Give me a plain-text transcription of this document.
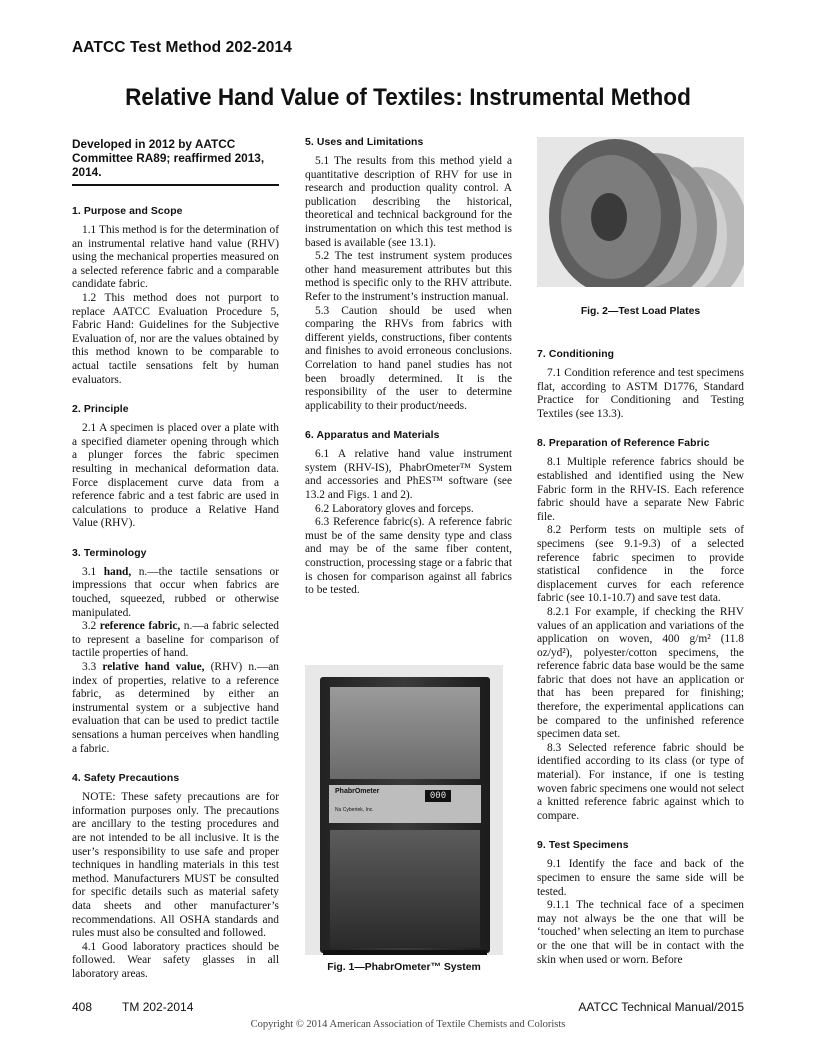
AATCC Test Method 202-2014
Relative Hand Value of Textiles: Instrumental Method
Developed in 2012 by AATCC Committee RA89; reaffirmed 2013, 2014.
1. Purpose and Scope

1.1 This method is for the determination of an instrumental relative hand value (RHV) using the mechanical properties measured on a selected reference fabric and a comparable candidate fabric.

1.2 This method does not purport to replace AATCC Evaluation Procedure 5, Fabric Hand: Guidelines for the Subjective Evaluation of, nor are the values obtained by this method known to be comparable to actual tactile sensations felt by human evaluators.

2. Principle

2.1 A specimen is placed over a plate with a specified diameter opening through which a plunger forces the fabric specimen resulting in mechanical deformation data. Force displacement curve data from a reference fabric and a test fabric are used in calculations to produce a Relative Hand Value (RHV).

3. Terminology

3.1 hand, n.—the tactile sensations or impressions that occur when fabrics are touched, squeezed, rubbed or otherwise manipulated.

3.2 reference fabric, n.—a fabric selected to represent a baseline for comparison of tactile properties of hand.

3.3 relative hand value, (RHV) n.—an index of properties, relative to a reference fabric, as determined by either an instrumental system or a subjective hand evaluation that can be used to predict tactile sensations a human perceives when handling a fabric.

4. Safety Precautions

NOTE: These safety precautions are for information purposes only. The precautions are ancillary to the testing procedures and are not intended to be all inclusive. It is the user’s responsibility to use safe and proper techniques in handling materials in this test method. Manufacturers MUST be consulted for specific details such as material safety data sheets and other manufacturer’s recommendations. All OSHA standards and rules must also be consulted and followed.

4.1 Good laboratory practices should be followed. Wear safety glasses in all laboratory areas.

5. Uses and Limitations

5.1 The results from this method yield a quantitative description of RHV for use in research and production quality control. A publication describing the historical, theoretical and technical background for the instrumentation on which this test method is based is available (see 13.1).

5.2 The test instrument system produces other hand measurement attributes but this method is specific only to the RHV attribute. Refer to the instrument’s instruction manual.

5.3 Caution should be used when comparing the RHVs from fabrics with different yields, constructions, fiber contents and finishes to avoid erroneous conclusions. Correlation to hand panel studies has not been broadly determined. It is the responsibility of the user to determine applicability to their product/needs.

6. Apparatus and Materials

6.1 A relative hand value instrument system (RHV-IS), PhabrOmeter™ System and accessories and PhES™ software (see 13.2 and Figs. 1 and 2).

6.2 Laboratory gloves and forceps.

6.3 Reference fabric(s). A reference fabric must be of the same density type and class and may be of the same fiber content, construction, processing stage or a fabric that is chosen for comparison against all fabrics to be tested.

PhabrOmeter
Nu Cybertek, Inc.
000
Fig. 1—PhabrOmeter™ System
Fig. 2—Test Load Plates
7. Conditioning

7.1 Condition reference and test specimens flat, according to ASTM D1776, Standard Practice for Conditioning and Testing Textiles (see 13.3).

8. Preparation of Reference Fabric

8.1 Multiple reference fabrics should be established and identified using the New Fabric form in the RHV-IS. Each reference fabric should have a separate New Fabric file.

8.2 Perform tests on multiple sets of specimens (see 9.1-9.3) of a selected reference fabric specimen to provide statistical confidence in the force displacement curves for each reference fabric (see 10.1-10.7) and save test data.

8.2.1 For example, if checking the RHV values of an application and variations of the application on woven, 400 g/m² (11.8 oz/yd²), polyester/cotton specimens, the reference fabric data base would be the same fabric that does not have an application or that has been prepared for finishing; therefore, the experimental applications can be compared to the unfinished reference specimen data set.

8.3 Selected reference fabric should be identified according to its class (or type of material). For instance, if one is testing woven fabric specimens one would not select a knitted reference fabric against which to compare.

9. Test Specimens

9.1 Identify the face and back of the specimen to ensure the same side will be tested.

9.1.1 The technical face of a specimen may not always be the one that will be ‘touched’ when selecting an item to purchase or the one that will be in contact with the skin when used or worn. Before

408	TM 202-2014	AATCC Technical Manual/2015
Copyright © 2014 American Association of Textile Chemists and Colorists
